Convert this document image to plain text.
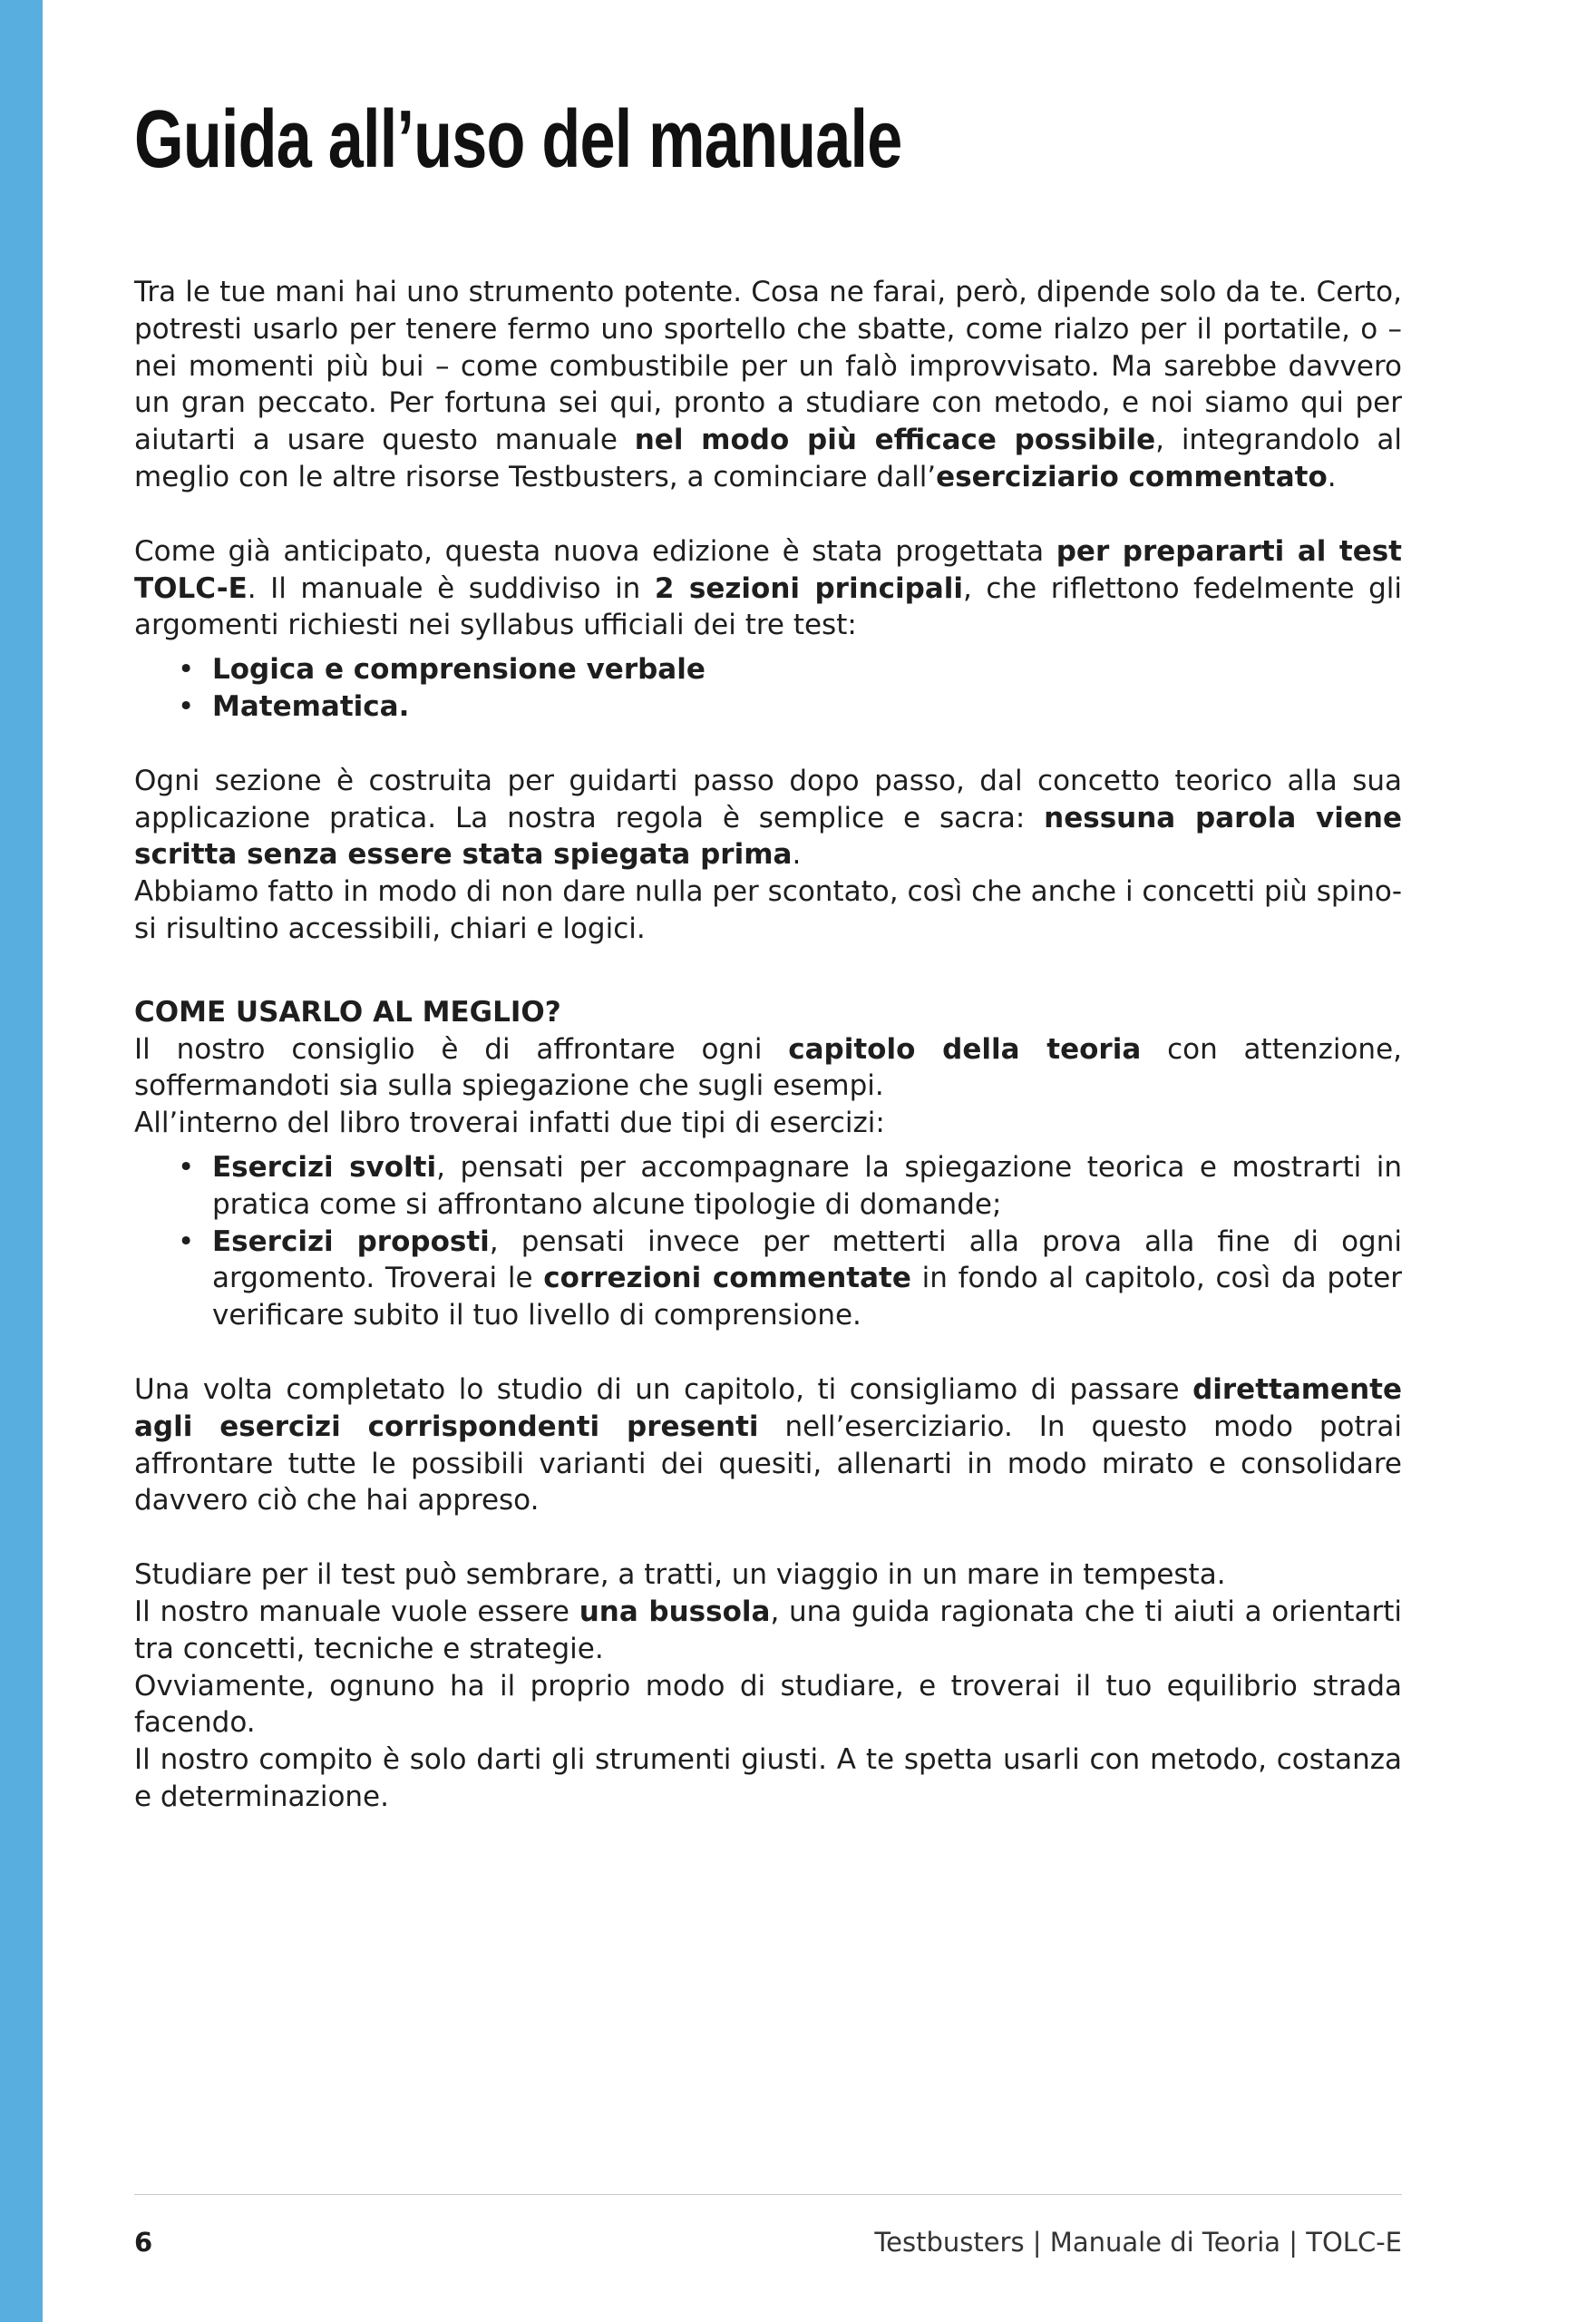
Guida all’uso del manuale

Tra le tue mani hai uno strumento potente. Cosa ne farai, però, dipende solo da te. Certo, potresti usarlo per tenere fermo uno sportello che sbatte, come rialzo per il portatile, o – nei momenti più bui – come combustibile per un falò improvvisato. Ma sarebbe davvero un gran peccato. Per fortuna sei qui, pronto a studiare con metodo, e noi siamo qui per aiutarti a usare questo manuale nel modo più efficace possibile, integrandolo al meglio con le altre risorse Testbusters, a cominciare dall’eserciziario commentato.

Come già anticipato, questa nuova edizione è stata progettata per prepararti al test TOLC-E. Il manuale è suddiviso in 2 sezioni principali, che riflettono fedelmente gli argomenti richiesti nei syllabus ufficiali dei tre test:

• Logica e comprensione verbale
• Matematica.

Ogni sezione è costruita per guidarti passo dopo passo, dal concetto teorico alla sua applicazione pratica. La nostra regola è semplice e sacra: nessuna parola viene scritta senza essere stata spiegata prima.

Abbiamo fatto in modo di non dare nulla per scontato, così che anche i concetti più spinosi risultino accessibili, chiari e logici.

COME USARLO AL MEGLIO?

Il nostro consiglio è di affrontare ogni capitolo della teoria con attenzione, soffermandoti sia sulla spiegazione che sugli esempi.

All’interno del libro troverai infatti due tipi di esercizi:

• Esercizi svolti, pensati per accompagnare la spiegazione teorica e mostrarti in pratica come si affrontano alcune tipologie di domande;
• Esercizi proposti, pensati invece per metterti alla prova alla fine di ogni argomento. Troverai le correzioni commentate in fondo al capitolo, così da poter verificare subito il tuo livello di comprensione.

Una volta completato lo studio di un capitolo, ti consigliamo di passare direttamente agli esercizi corrispondenti presenti nell’eserciziario. In questo modo potrai affrontare tutte le possibili varianti dei quesiti, allenarti in modo mirato e consolidare davvero ciò che hai appreso.

Studiare per il test può sembrare, a tratti, un viaggio in un mare in tempesta.

Il nostro manuale vuole essere una bussola, una guida ragionata che ti aiuti a orientarti tra concetti, tecniche e strategie.

Ovviamente, ognuno ha il proprio modo di studiare, e troverai il tuo equilibrio strada facendo.

Il nostro compito è solo darti gli strumenti giusti. A te spetta usarli con metodo, costanza e determinazione.

6	Testbusters | Manuale di Teoria | TOLC-E
